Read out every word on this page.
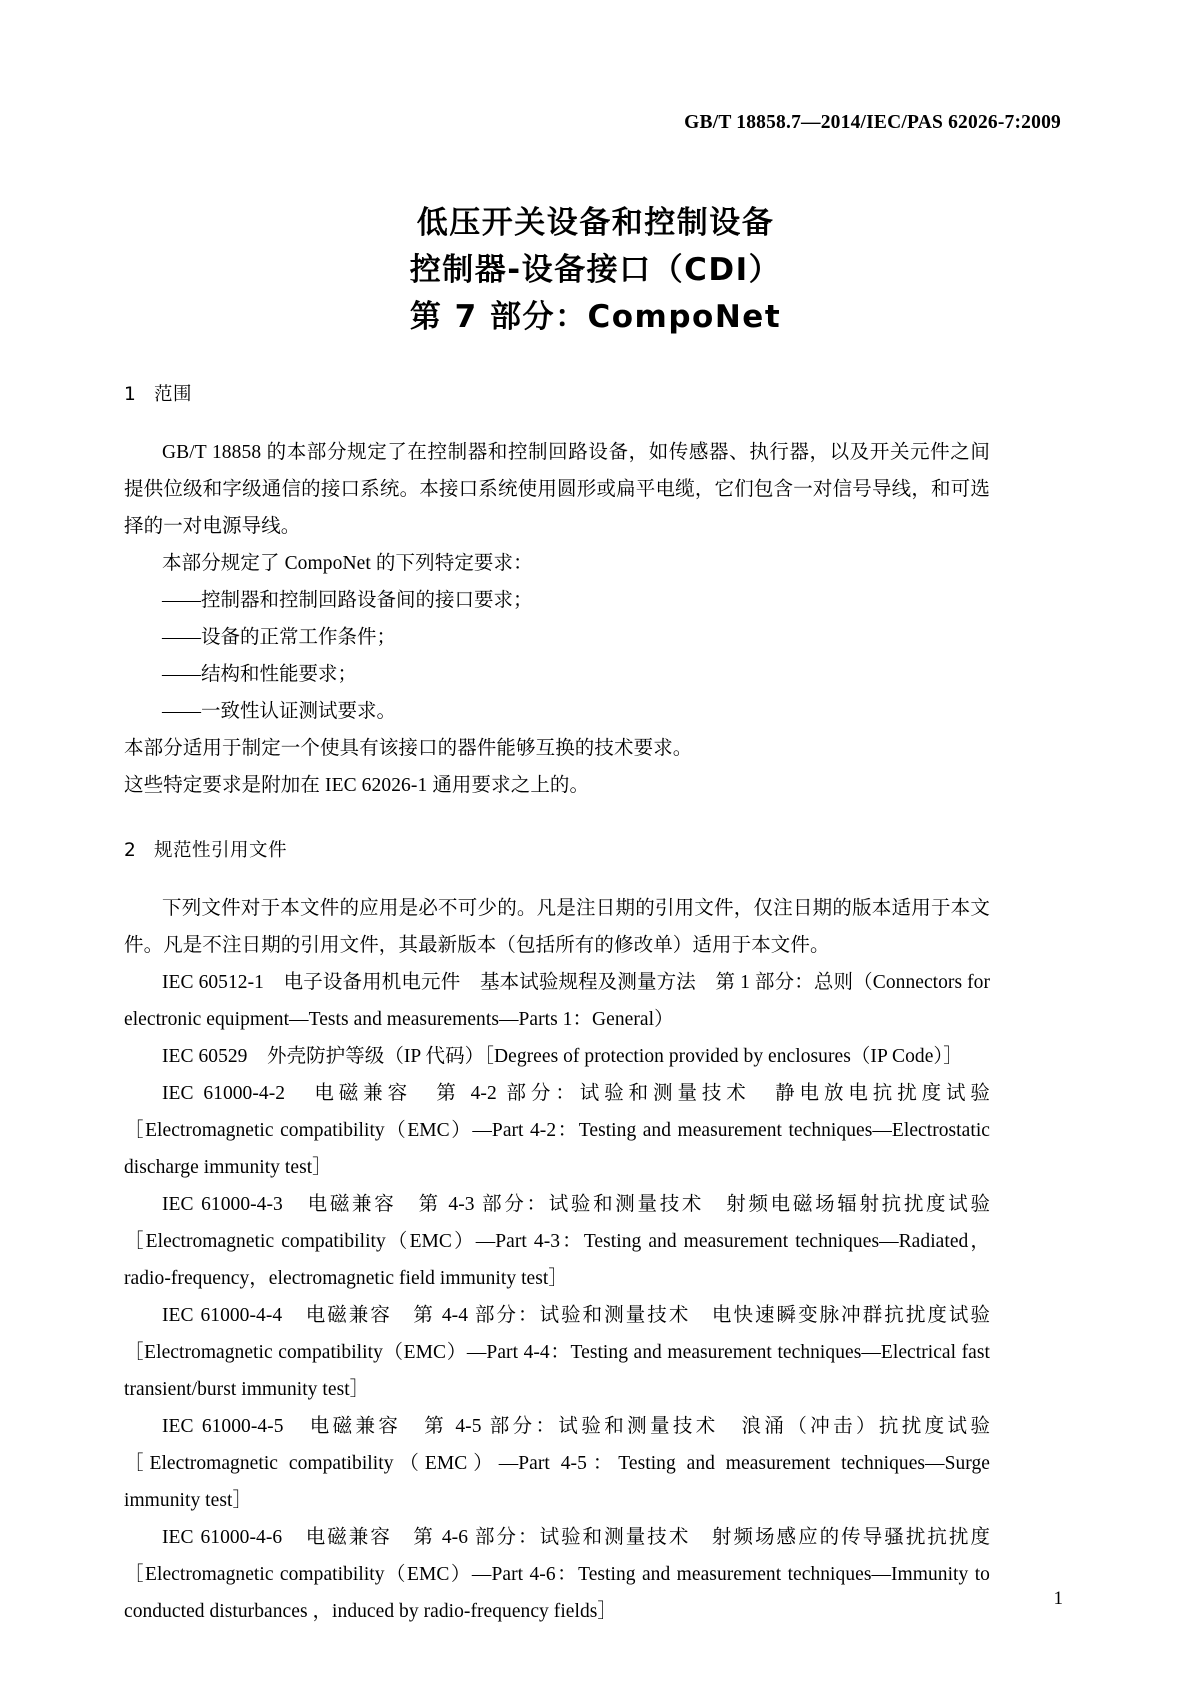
GB/T 18858.7—2014/IEC/PAS 62026-7:2009
低压开关设备和控制设备
控制器-设备接口（CDI）
第 7 部分：CompoNet
1 范围

GB/T 18858 的本部分规定了在控制器和控制回路设备，如传感器、执行器，以及开关元件之间提供位级和字级通信的接口系统。本接口系统使用圆形或扁平电缆，它们包含一对信号导线，和可选择的一对电源导线。

本部分规定了 CompoNet 的下列特定要求：

——控制器和控制回路设备间的接口要求；

——设备的正常工作条件；

——结构和性能要求；

——一致性认证测试要求。

本部分适用于制定一个使具有该接口的器件能够互换的技术要求。

这些特定要求是附加在 IEC 62026-1 通用要求之上的。

2 规范性引用文件

下列文件对于本文件的应用是必不可少的。凡是注日期的引用文件，仅注日期的版本适用于本文件。凡是不注日期的引用文件，其最新版本（包括所有的修改单）适用于本文件。

IEC 60512-1　电子设备用机电元件　基本试验规程及测量方法　第 1 部分：总则（Connectors for electronic equipment—Tests and measurements—Parts 1：General）

IEC 60529　外壳防护等级（IP 代码）［Degrees of protection provided by enclosures（IP Code）］

IEC 61000-4-2　电磁兼容　第 4-2 部分：试验和测量技术　静电放电抗扰度试验［Electromagnetic compatibility（EMC）—Part 4-2：Testing and measurement techniques—Electrostatic discharge immunity test］

IEC 61000-4-3　电磁兼容　第 4-3 部分：试验和测量技术　射频电磁场辐射抗扰度试验［Electromagnetic compatibility（EMC）—Part 4-3：Testing and measurement techniques—Radiated，radio-frequency，electromagnetic field immunity test］

IEC 61000-4-4　电磁兼容　第 4-4 部分：试验和测量技术　电快速瞬变脉冲群抗扰度试验［Electromagnetic compatibility（EMC）—Part 4-4：Testing and measurement techniques—Electrical fast transient/burst immunity test］

IEC 61000-4-5　电磁兼容　第 4-5 部分：试验和测量技术　浪涌（冲击）抗扰度试验［Electromagnetic compatibility（EMC）—Part 4-5：Testing and measurement techniques—Surge immunity test］

IEC 61000-4-6　电磁兼容　第 4-6 部分：试验和测量技术　射频场感应的传导骚扰抗扰度［Electromagnetic compatibility（EMC）—Part 4-6：Testing and measurement techniques—Immunity to conducted disturbances ，induced by radio-frequency fields］

1
